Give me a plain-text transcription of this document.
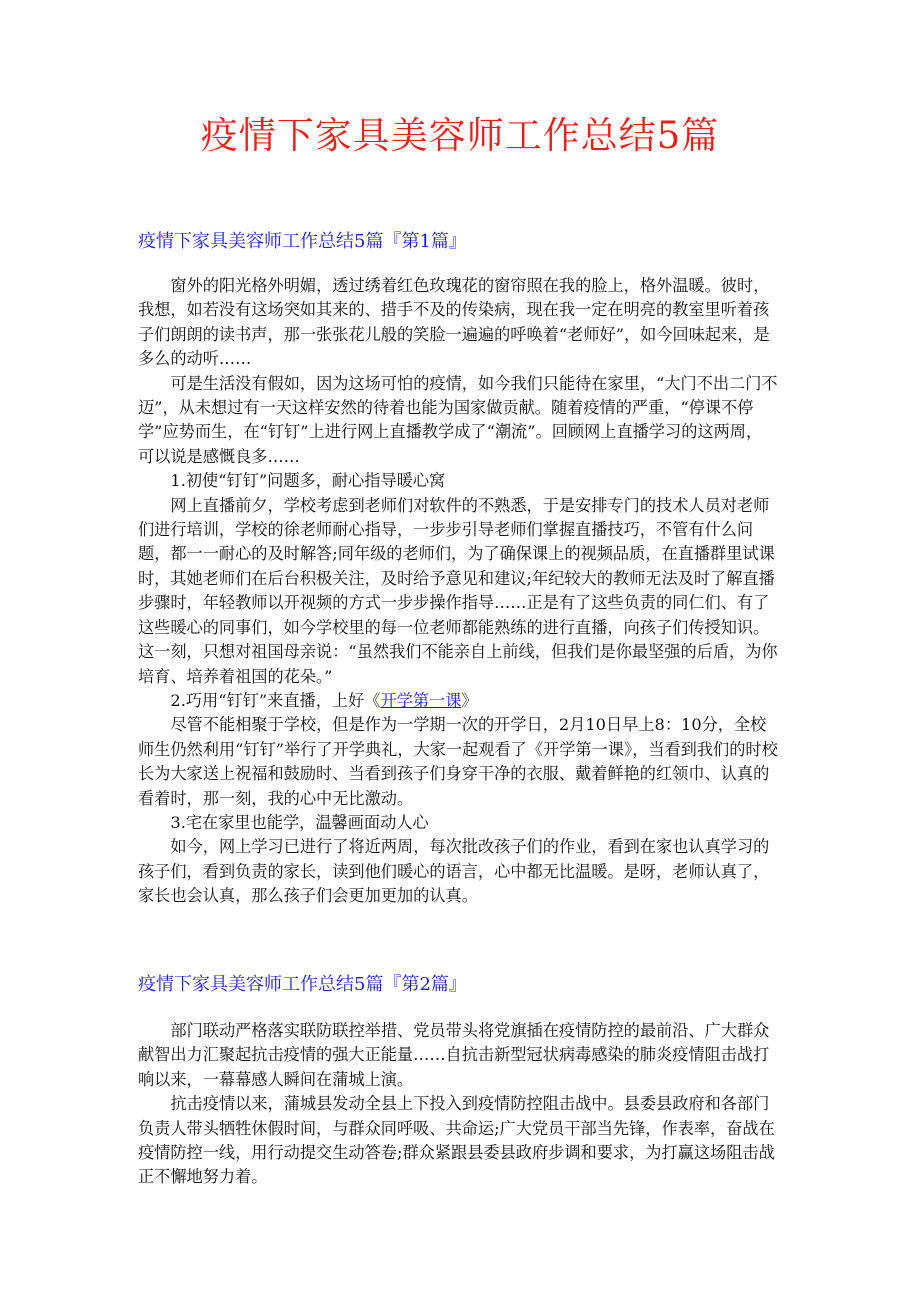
疫情下家具美容师工作总结5篇
疫情下家具美容师工作总结5篇『第1篇』

窗外的阳光格外明媚，透过绣着红色玫瑰花的窗帘照在我的脸上，格外温暖。彼时，我想，如若没有这场突如其来的、措手不及的传染病，现在我一定在明亮的教室里听着孩子们朗朗的读书声，那一张张花儿般的笑脸一遍遍的呼唤着“老师好”，如今回味起来，是多么的动听……

可是生活没有假如，因为这场可怕的疫情，如今我们只能待在家里，“大门不出二门不迈”，从未想过有一天这样安然的待着也能为国家做贡献。随着疫情的严重，“停课不停学”应势而生，在“钉钉”上进行网上直播教学成了“潮流”。回顾网上直播学习的这两周，可以说是感慨良多……

1.初使“钉钉”问题多，耐心指导暖心窝

网上直播前夕，学校考虑到老师们对软件的不熟悉，于是安排专门的技术人员对老师们进行培训，学校的徐老师耐心指导，一步步引导老师们掌握直播技巧，不管有什么问题，都一一耐心的及时解答;同年级的老师们，为了确保课上的视频品质，在直播群里试课时，其她老师们在后台积极关注，及时给予意见和建议;年纪较大的教师无法及时了解直播步骤时，年轻教师以开视频的方式一步步操作指导……正是有了这些负责的同仁们、有了这些暖心的同事们，如今学校里的每一位老师都能熟练的进行直播，向孩子们传授知识。这一刻，只想对祖国母亲说：“虽然我们不能亲自上前线，但我们是你最坚强的后盾，为你培育、培养着祖国的花朵。”

2.巧用“钉钉”来直播，上好《开学第一课》

尽管不能相聚于学校，但是作为一学期一次的开学日，2月10日早上8：10分，全校师生仍然利用“钉钉”举行了开学典礼，大家一起观看了《开学第一课》，当看到我们的时校长为大家送上祝福和鼓励时、当看到孩子们身穿干净的衣服、戴着鲜艳的红领巾、认真的看着时，那一刻，我的心中无比激动。

3.宅在家里也能学，温馨画面动人心

如今，网上学习已进行了将近两周，每次批改孩子们的作业，看到在家也认真学习的孩子们，看到负责的家长，读到他们暖心的语言，心中都无比温暖。是呀，老师认真了，家长也会认真，那么孩子们会更加更加的认真。

疫情下家具美容师工作总结5篇『第2篇』

部门联动严格落实联防联控举措、党员带头将党旗插在疫情防控的最前沿、广大群众献智出力汇聚起抗击疫情的强大正能量……自抗击新型冠状病毒感染的肺炎疫情阻击战打响以来，一幕幕感人瞬间在蒲城上演。

抗击疫情以来，蒲城县发动全县上下投入到疫情防控阻击战中。县委县政府和各部门负责人带头牺牲休假时间，与群众同呼吸、共命运;广大党员干部当先锋，作表率，奋战在疫情防控一线，用行动提交生动答卷;群众紧跟县委县政府步调和要求，为打赢这场阻击战正不懈地努力着。
